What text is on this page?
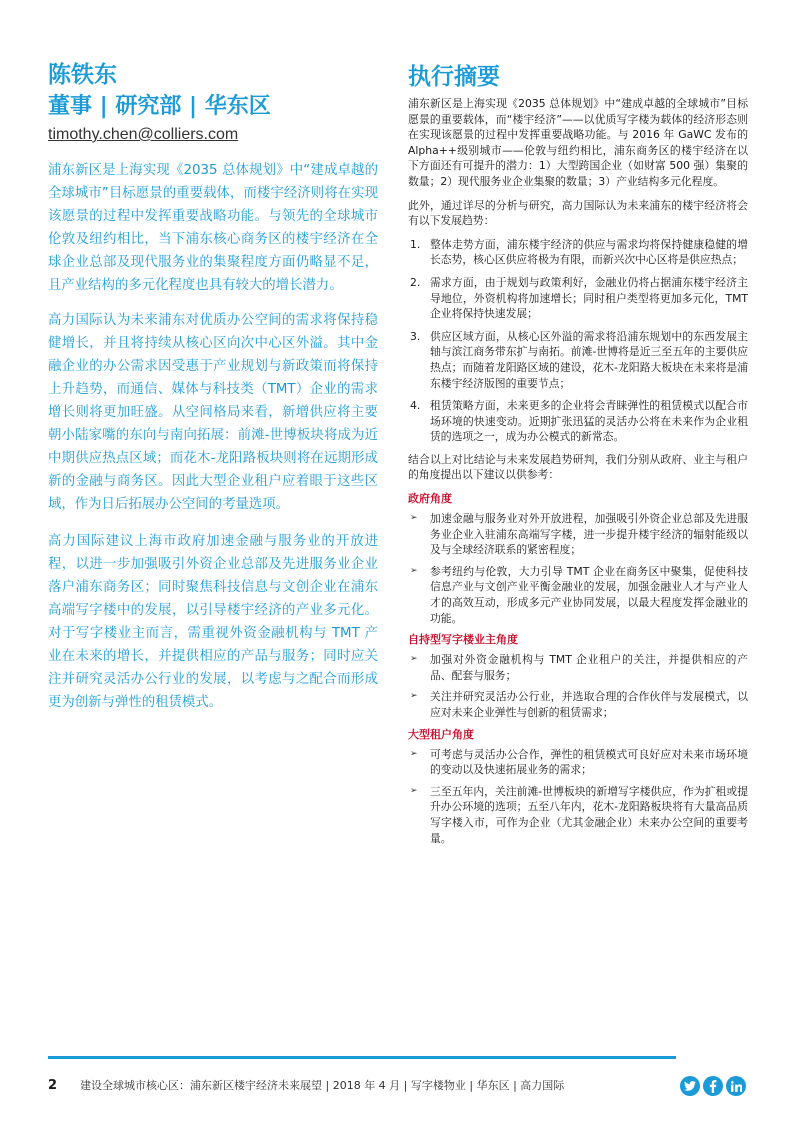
陈铁东
董事 | 研究部 | 华东区
timothy.chen@colliers.com

浦东新区是上海实现《2035 总体规划》中“建成卓越的全球城市”目标愿景的重要载体，而楼宇经济则将在实现该愿景的过程中发挥重要战略功能。与领先的全球城市伦敦及纽约相比，当下浦东核心商务区的楼宇经济在全球企业总部及现代服务业的集聚程度方面仍略显不足，且产业结构的多元化程度也具有较大的增长潜力。

高力国际认为未来浦东对优质办公空间的需求将保持稳健增长，并且将持续从核心区向次中心区外溢。其中金融企业的办公需求因受惠于产业规划与新政策而将保持上升趋势，而通信、媒体与科技类（TMT）企业的需求增长则将更加旺盛。从空间格局来看，新增供应将主要朝小陆家嘴的东向与南向拓展：前滩-世博板块将成为近中期供应热点区域；而花木-龙阳路板块则将在远期形成新的金融与商务区。因此大型企业租户应着眼于这些区域，作为日后拓展办公空间的考量选项。

高力国际建议上海市政府加速金融与服务业的开放进程，以进一步加强吸引外资企业总部及先进服务业企业落户浦东商务区；同时聚焦科技信息与文创企业在浦东高端写字楼中的发展，以引导楼宇经济的产业多元化。对于写字楼业主而言，需重视外资金融机构与 TMT 产业在未来的增长，并提供相应的产品与服务；同时应关注并研究灵活办公行业的发展，以考虑与之配合而形成更为创新与弹性的租赁模式。

执行摘要

浦东新区是上海实现《2035 总体规划》中“建成卓越的全球城市”目标愿景的重要载体，而“楼宇经济”——以优质写字楼为载体的经济形态则在实现该愿景的过程中发挥重要战略功能。与 2016 年 GaWC 发布的 Alpha++级别城市——伦敦与纽约相比，浦东商务区的楼宇经济在以下方面还有可提升的潜力：1）大型跨国企业（如财富 500 强）集聚的数量；2）现代服务业企业集聚的数量；3）产业结构多元化程度。

此外，通过详尽的分析与研究，高力国际认为未来浦东的楼宇经济将会有以下发展趋势：

1. 整体走势方面，浦东楼宇经济的供应与需求均将保持健康稳健的增长态势，核心区供应将极为有限，而新兴次中心区将是供应热点；
2. 需求方面，由于规划与政策利好，金融业仍将占据浦东楼宇经济主导地位，外资机构将加速增长；同时租户类型将更加多元化，TMT 企业将保持快速发展；
3. 供应区域方面，从核心区外溢的需求将沿浦东规划中的东西发展主轴与滨江商务带东扩与南拓。前滩-世博将是近三至五年的主要供应热点；而随着龙阳路区域的建设，花木-龙阳路大板块在未来将是浦东楼宇经济版图的重要节点；
4. 租赁策略方面，未来更多的企业将会青睐弹性的租赁模式以配合市场环境的快速变动。近期扩张迅猛的灵活办公将在未来作为企业租赁的选项之一，成为办公模式的新常态。

结合以上对比结论与未来发展趋势研判，我们分别从政府、业主与租户的角度提出以下建议以供参考：

政府角度
➢ 加速金融与服务业对外开放进程，加强吸引外资企业总部及先进服务业企业入驻浦东高端写字楼，进一步提升楼宇经济的辐射能级以及与全球经济联系的紧密程度；
➢ 参考纽约与伦敦，大力引导 TMT 企业在商务区中聚集，促使科技信息产业与文创产业平衡金融业的发展，加强金融业人才与产业人才的高效互动，形成多元产业协同发展，以最大程度发挥金融业的功能。
自持型写字楼业主角度
➢ 加强对外资金融机构与 TMT 企业租户的关注，并提供相应的产品、配套与服务；
➢ 关注并研究灵活办公行业，并选取合理的合作伙伴与发展模式，以应对未来企业弹性与创新的租赁需求；
大型租户角度
➢ 可考虑与灵活办公合作，弹性的租赁模式可良好应对未来市场环境的变动以及快速拓展业务的需求；
➢ 三至五年内，关注前滩-世博板块的新增写字楼供应，作为扩租或提升办公环境的选项；五至八年内，花木-龙阳路板块将有大量高品质写字楼入市，可作为企业（尤其金融企业）未来办公空间的重要考量。
2 建设全球城市核心区：浦东新区楼宇经济未来展望 | 2018 年 4 月 | 写字楼物业 | 华东区 | 高力国际
